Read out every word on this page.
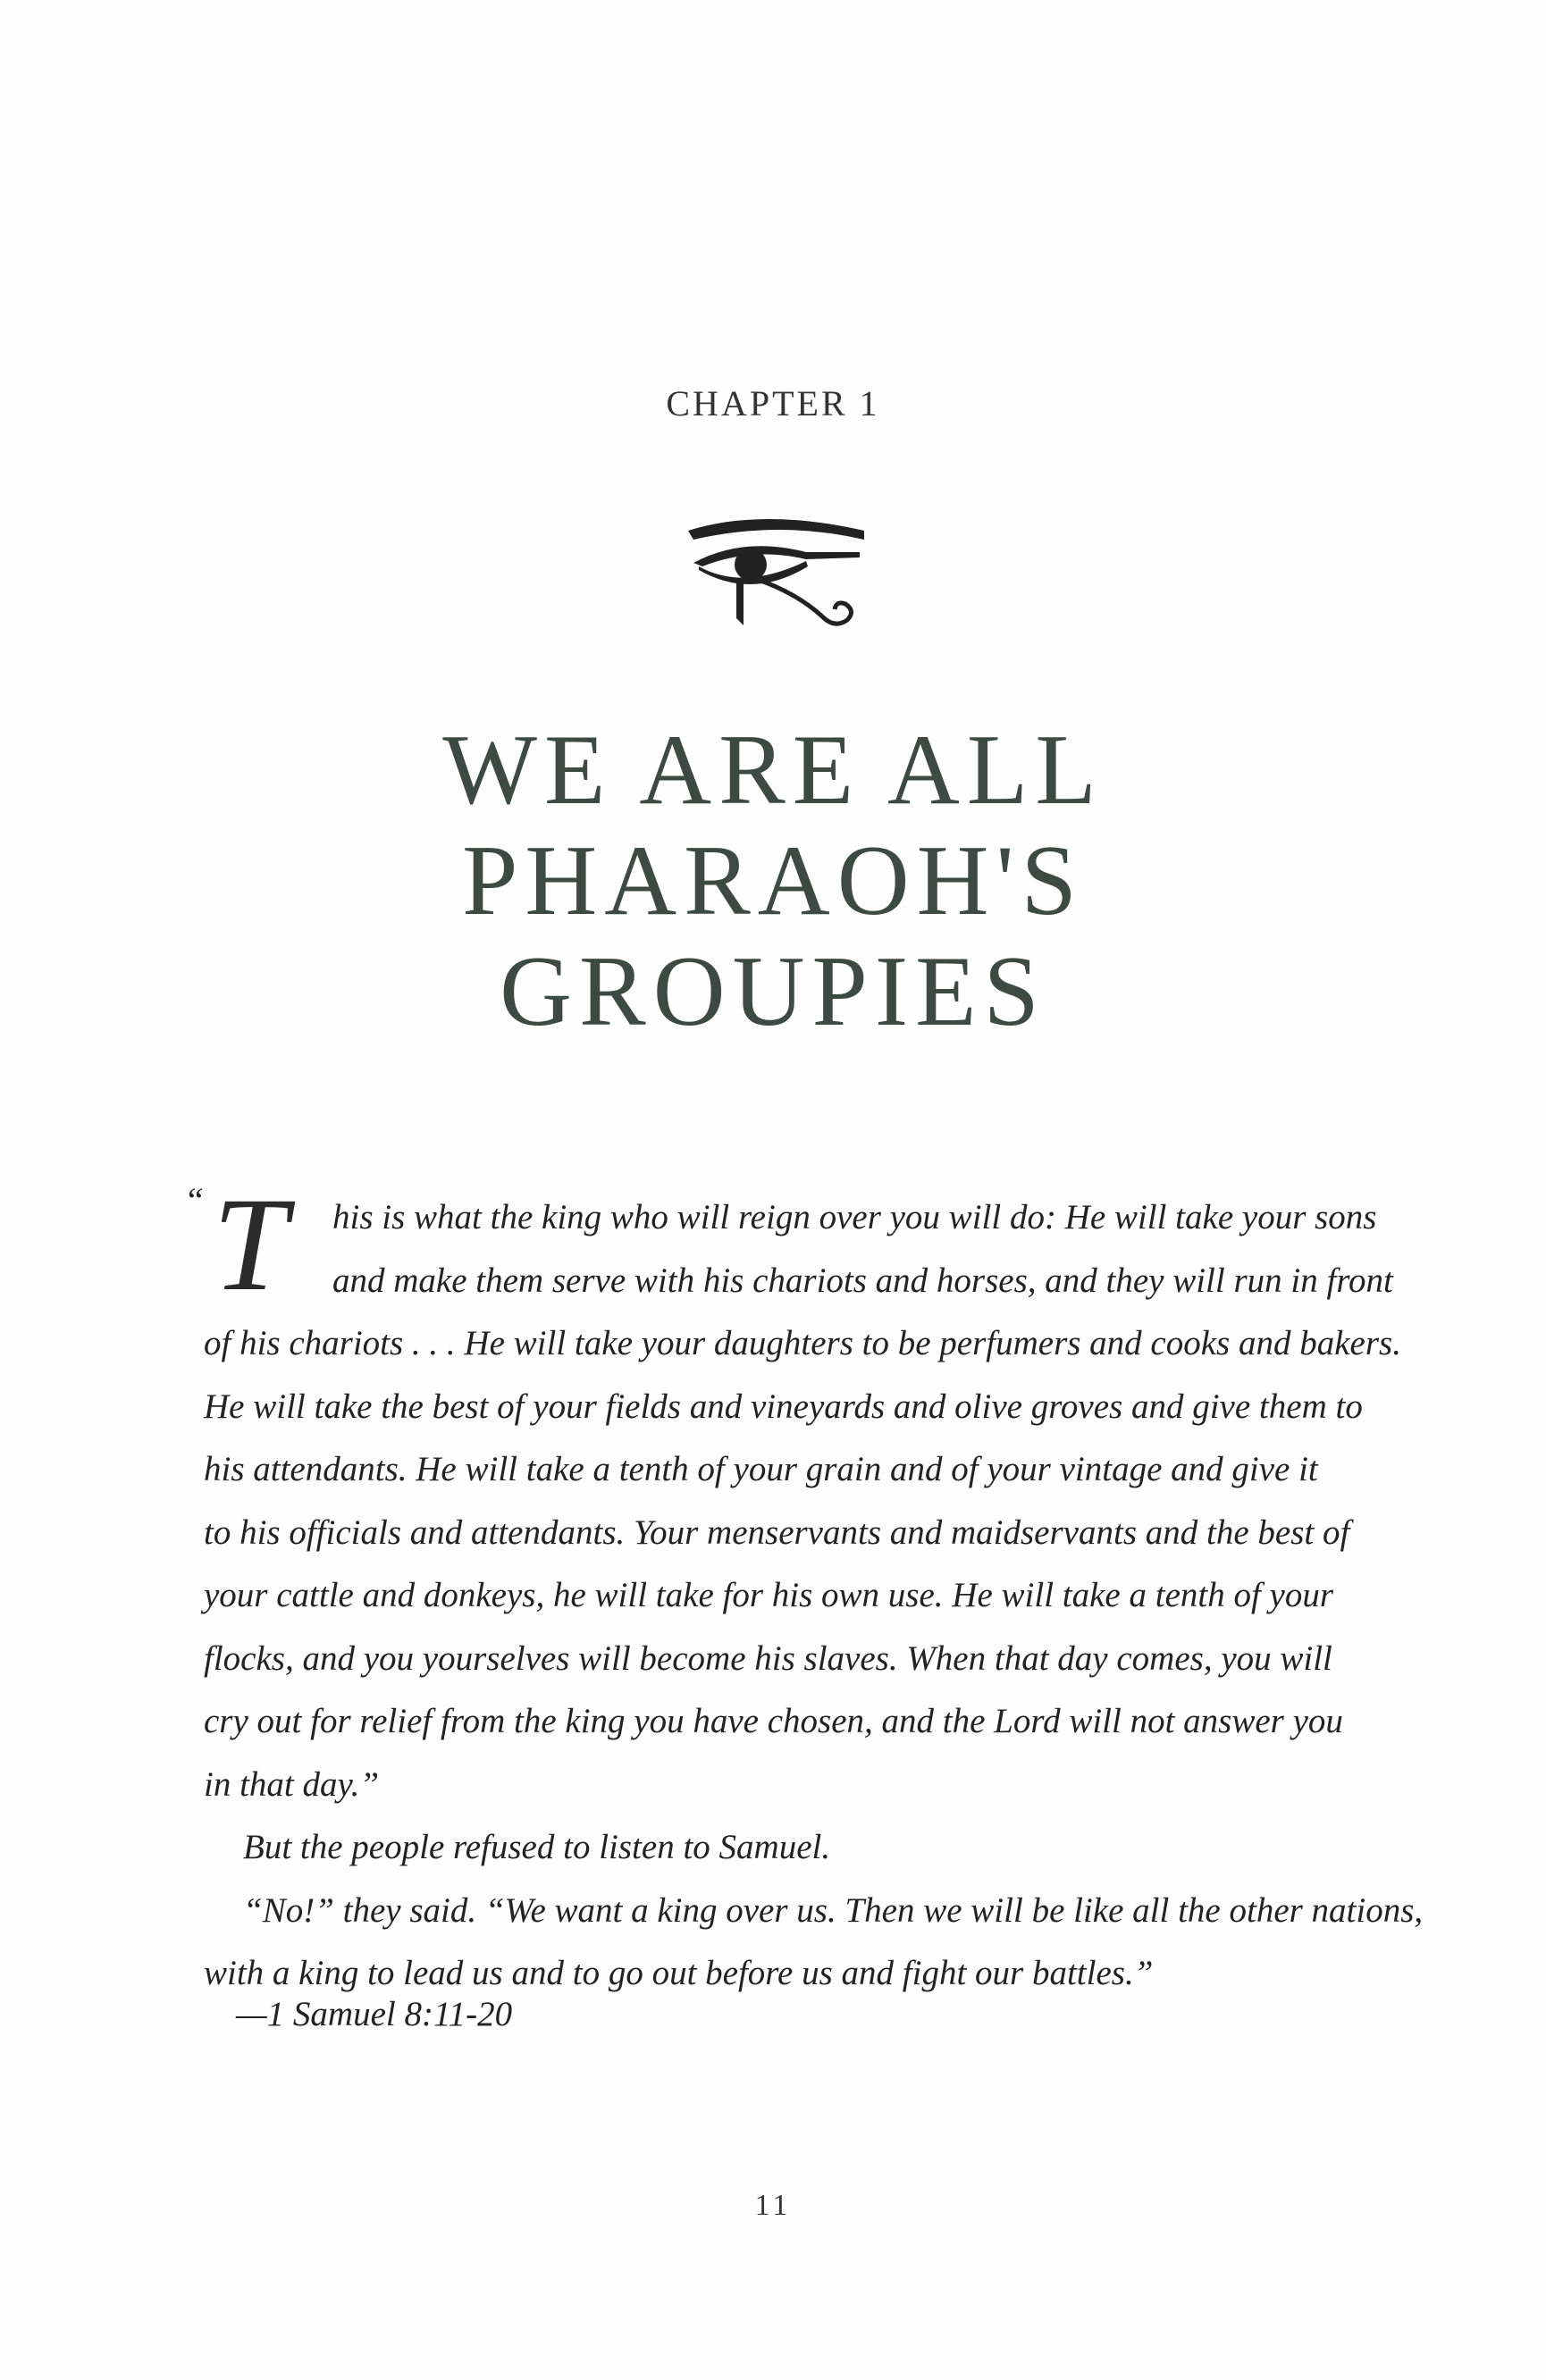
CHAPTER 1
WE ARE ALL
PHARAOH'S
GROUPIES
“ T	his is what the king who will reign over you will do: He will take your sons
and make them serve with his chariots and horses, and they will run in front
of his chariots . . . He will take your daughters to be perfumers and cooks and bakers.
He will take the best of your fields and vineyards and olive groves and give them to
his attendants. He will take a tenth of your grain and of your vintage and give it
to his officials and attendants. Your menservants and maidservants and the best of
your cattle and donkeys, he will take for his own use. He will take a tenth of your
flocks, and you yourselves will become his slaves. When that day comes, you will
cry out for relief from the king you have chosen, and the Lord will not answer you
in that day.”
But the people refused to listen to Samuel.
“No!” they said. “We want a king over us. Then we will be like all the other nations,
with a king to lead us and to go out before us and fight our battles.”
—1 Samuel 8:11-20
11
